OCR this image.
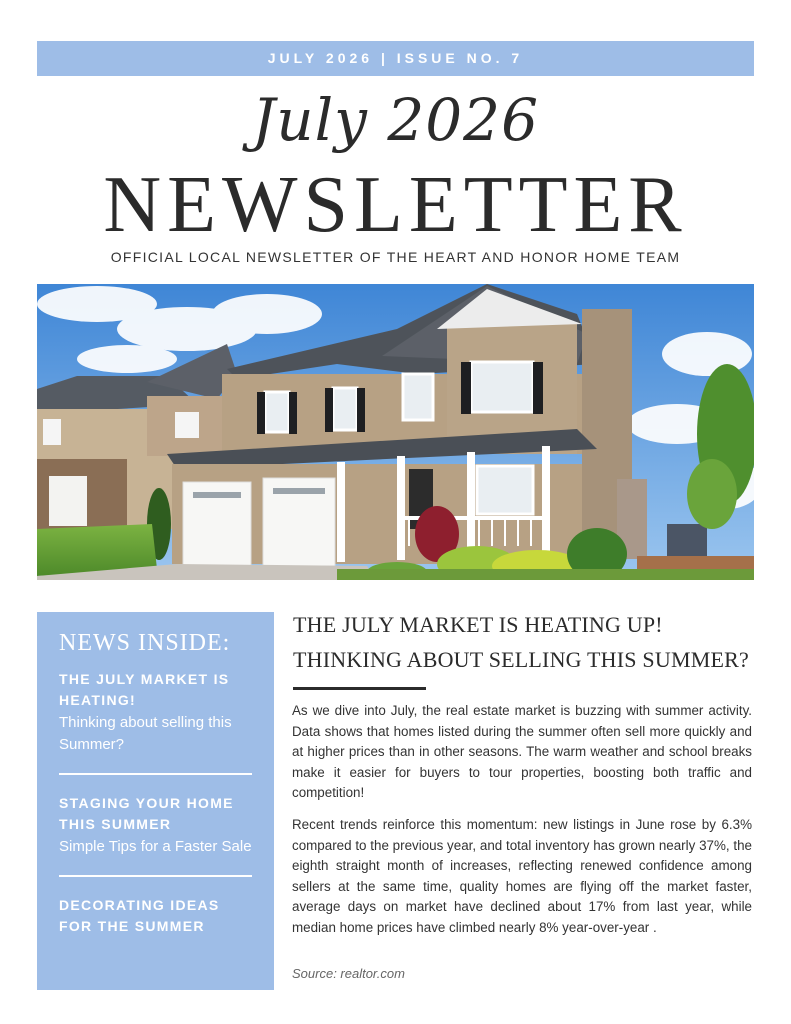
JULY 2026 | ISSUE NO. 7
July 2026
NEWSLETTER
OFFICIAL LOCAL NEWSLETTER OF THE HEART AND HONOR HOME TEAM
NEWS INSIDE:
THE JULY MARKET IS HEATING!
Thinking about selling this Summer?
STAGING YOUR HOME THIS SUMMER
Simple Tips for a Faster Sale
DECORATING IDEAS FOR THE SUMMER
THE JULY MARKET IS HEATING UP! THINKING ABOUT SELLING THIS SUMMER?
As we dive into July, the real estate market is buzzing with summer activity. Data shows that homes listed during the summer often sell more quickly and at higher prices than in other seasons. The warm weather and school breaks make it easier for buyers to tour properties, boosting both traffic and competition!
Recent trends reinforce this momentum: new listings in June rose by 6.3% compared to the previous year, and total inventory has grown nearly 37%, the eighth straight month of increases, reflecting renewed confidence among sellers at the same time, quality homes are flying off the market faster, average days on market have declined about 17% from last year, while median home prices have climbed nearly 8% year-over-year .
Source: realtor.com
